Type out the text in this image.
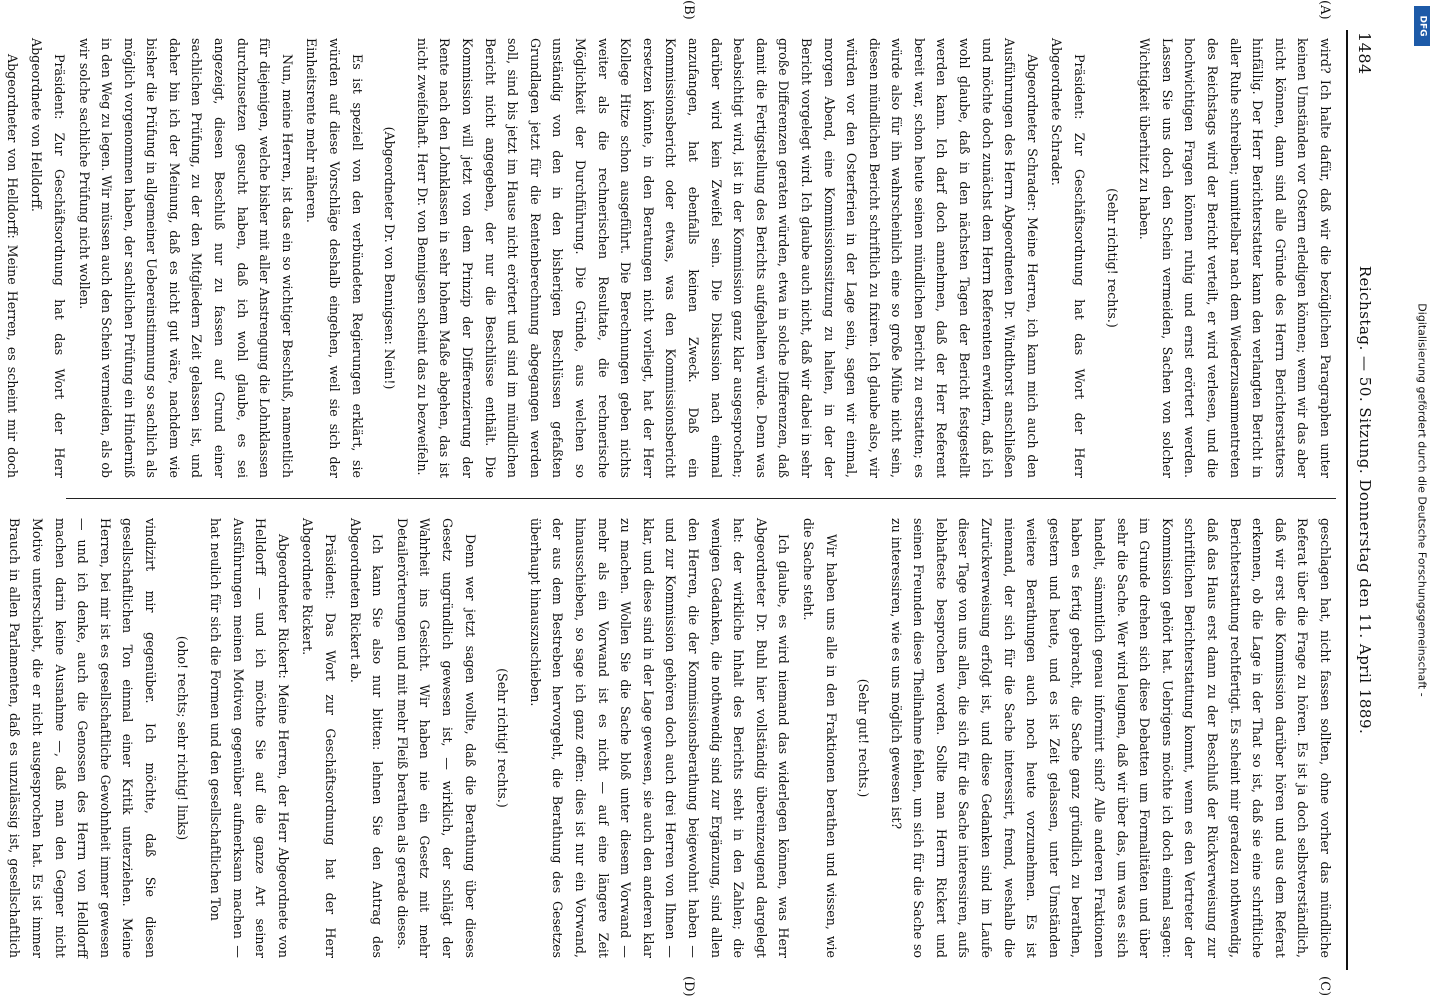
1484
Reichstag. — 50. Sitzung. Donnerstag den 11. April 1889.
(A)
(B)
(C)
(D)

wird? Ich halte dafür, daß wir die bezüglichen Paragraphen unter keinen Umständen vor Ostern erledigen können; wenn wir das aber nicht können, dann sind alle Gründe des Herrn Berichterstatters hinfällig. Der Herr Berichterstatter kann den verlangten Bericht in aller Ruhe schreiben; unmittelbar nach dem Wiederzusammentreten des Reichstags wird der Bericht verteilt, er wird verlesen, und die hochwichtigen Fragen können ruhig und ernst erörtert werden. Lassen Sie uns doch den Schein vermeiden, Sachen von solcher Wichtigkeit überhitzt zu haben.

(Sehr richtig! rechts.)

Präsident: Zur Geschäftsordnung hat das Wort der Herr Abgeordnete Schrader.

Abgeordneter Schrader: Meine Herren, ich kann mich auch den Ausführungen des Herrn Abgeordneten Dr. Windthorst anschließen und möchte doch zunächst dem Herrn Referenten erwidern, daß ich wohl glaube, daß in den nächsten Tagen der Bericht festgestellt werden kann. Ich darf doch annehmen, daß der Herr Referent bereit war, schon heute seinen mündlichen Bericht zu erstatten; es würde also für ihn wahrscheinlich eine so große Mühe nicht sein, diesen mündlichen Bericht schriftlich zu fixiren. Ich glaube also, wir würden vor den Osterferien in der Lage sein, sagen wir einmal, morgen Abend, eine Kommissionssitzung zu halten, in der der Bericht vorgelegt wird. Ich glaube auch nicht, daß wir dabei in sehr große Differenzen geraten würden, etwa in solche Differenzen, daß damit die Fertigstellung des Berichts aufgehalten würde. Denn was beabsichtigt wird, ist in der Kommission ganz klar ausgesprochen; darüber wird kein Zweifel sein. Die Diskussion nach einmal anzufangen, hat ebenfalls keinen Zweck. Daß ein Kommissionsbericht oder etwas, was den Kommissionsbericht ersetzen könnte, in den Beratungen nicht vorliegt, hat der Herr Kollege Hitze schon ausgeführt. Die Berechnungen geben nichts weiter als die rechnerischen Resultate, die rechnerische Möglichkeit der Durchführung. Die Gründe, aus welchen so unständig von den in den bisherigen Beschlüssen gefaßten Grundlagen jetzt für die Rentenberechnung abgegangen werden soll, sind bis jetzt im Hause nicht erörtert und sind im mündlichen Bericht nicht angegeben, der nur die Beschlüsse enthält. Die Kommission will jetzt von dem Prinzip der Differenzierung der Rente nach den Lohnklassen in sehr hohem Maße abgehen, das ist nicht zweifelhaft. Herr Dr. von Bennigsen scheint das zu bezweifeln.

(Abgeordneter Dr. von Bennigsen: Nein!)

Es ist speziell von den verbündeten Regierungen erklärt, sie würden auf diese Vorschläge deshalb eingehen, weil sie sich der Einheitsrente mehr näheren.

Nun, meine Herren, ist das ein so wichtiger Beschluß, namentlich für diejenigen, welche bisher mit aller Anstrengung die Lohnklassen durchzusetzen gesucht haben, daß ich wohl glaube, es sei angezeigt, diesen Beschluß nur zu fassen auf Grund einer sachlichen Prüfung, zu der den Mitgliedern Zeit gelassen ist, und daher bin ich der Meinung, daß es nicht gut wäre, nachdem wie bisher die Prüfung in allgemeiner Uebereinstimmung so sachlich als möglich vorgenommen haben, der sachlichen Prüfung ein Hinderniß in den Weg zu legen. Wir müssen auch den Schein vermeiden, als ob wir solche sachliche Prüfung nicht wollen.

Präsident: Zur Geschäftsordnung hat das Wort der Herr Abgeordnete von Helldorff.

Abgeordneter von Helldorff: Meine Herren, es scheint mir doch

geschlagen hat, nicht fassen sollten, ohne vorher das mündliche Referat über die Frage zu hören. Es ist ja doch selbstverständlich, daß wir erst die Kommission darüber hören und aus dem Referat erkennen, ob die Lage in der That so ist, daß sie eine schriftliche Berichterstattung rechtfertigt. Es scheint mir geradezu nothwendig, daß das Haus erst dann zu der Beschluß der Rückverweisung zur schriftlichen Berichterstattung kommt, wenn es den Vertreter der Kommission gehört hat. Uebrigens möchte ich doch einmal sagen: im Grunde drehen sich diese Debatten um Formalitäten und über sehr die Sache. Wer wird leugnen, daß wir über das, um was es sich handelt, sämmtlich genau informirt sind? Alle anderen Fraktionen haben es fertig gebracht, die Sache ganz gründlich zu berathen, gestern und heute, und es ist Zeit gelassen, unter Umständen weitere Berathungen auch noch heute vorzunehmen. Es ist niemand, der sich für die Sache interessirt, fremd, weshalb die Zurückverweisung erfolgt ist, und diese Gedanken sind im Laufe dieser Tage von uns allen, die sich für die Sache interessiren, aufs lebhafteste besprochen worden. Sollte man Herrn Rickert und seinen Freunden diese Theilnahme fehlen, um sich für die Sache so zu interessiren, wie es uns möglich gewesen ist?

(Sehr gut! rechts.)

Wir haben uns alle in den Fraktionen berathen und wissen, wie die Sache steht.

Ich glaube, es wird niemand das widerlegen können, was Herr Abgeordneter Dr. Buhl hier vollständig übereinzeugend dargelegt hat: der wirkliche Inhalt des Berichts steht in den Zahlen; die wenigen Gedanken, die nothwendig sind zur Ergänzung, sind allen den Herren, die der Kommissionsberathung beigewohnt haben — und zur Kommission gehören doch auch drei Herren von Ihnen — klar, und diese sind in der Lage gewesen, sie auch den anderen klar zu machen. Wollen Sie die Sache bloß unter diesem Vorwand — mehr als ein Vorwand ist es nicht — auf eine längere Zeit hinausschieben, so sage ich ganz offen: dies ist nur ein Vorwand, der aus dem Bestreben hervorgeht, die Berathung des Gesetzes überhaupt hinauszuschieben.

(Sehr richtig! rechts.)

Denn wer jetzt sagen wollte, daß die Berathung über dieses Gesetz ungründlich gewesen ist, — wirklich, der schlägt der Wahrheit ins Gesicht. Wir haben nie ein Gesetz mit mehr Detailerörterungen und mit mehr Fleiß berathen als gerade dieses.

Ich kann Sie also nur bitten: lehnen Sie den Antrag des Abgeordneten Rickert ab.

Präsident: Das Wort zur Geschäftsordnung hat der Herr Abgeordnete Rickert.

Abgeordneter Rickert: Meine Herren, der Herr Abgeordnete von Helldorff — und ich möchte Sie auf die ganze Art seiner Ausführungen meinen Motiven gegenüber aufmerksam machen — hat neulich für sich die Formen und den gesellschaftlichen Ton

(oho! rechts; sehr richtig! links)

vindizirt mir gegenüber. Ich möchte, daß Sie diesen gesellschaftlichen Ton einmal einer Kritik unterziehen. Meine Herren, bei mir ist es gesellschaftliche Gewohnheit immer gewesen — und ich denke, auch die Genossen des Herrn von Helldorff machen darin keine Ausnahme —, daß man den Gegner nicht Motive unterschiebt, die er nicht ausgesprochen hat. Es ist immer Brauch in allen Parlamenten, daß es unzulässig ist, gesellschaftlich

Digitalisierung gefördert durch die Deutsche Forschungsgemeinschaft -
DFG
